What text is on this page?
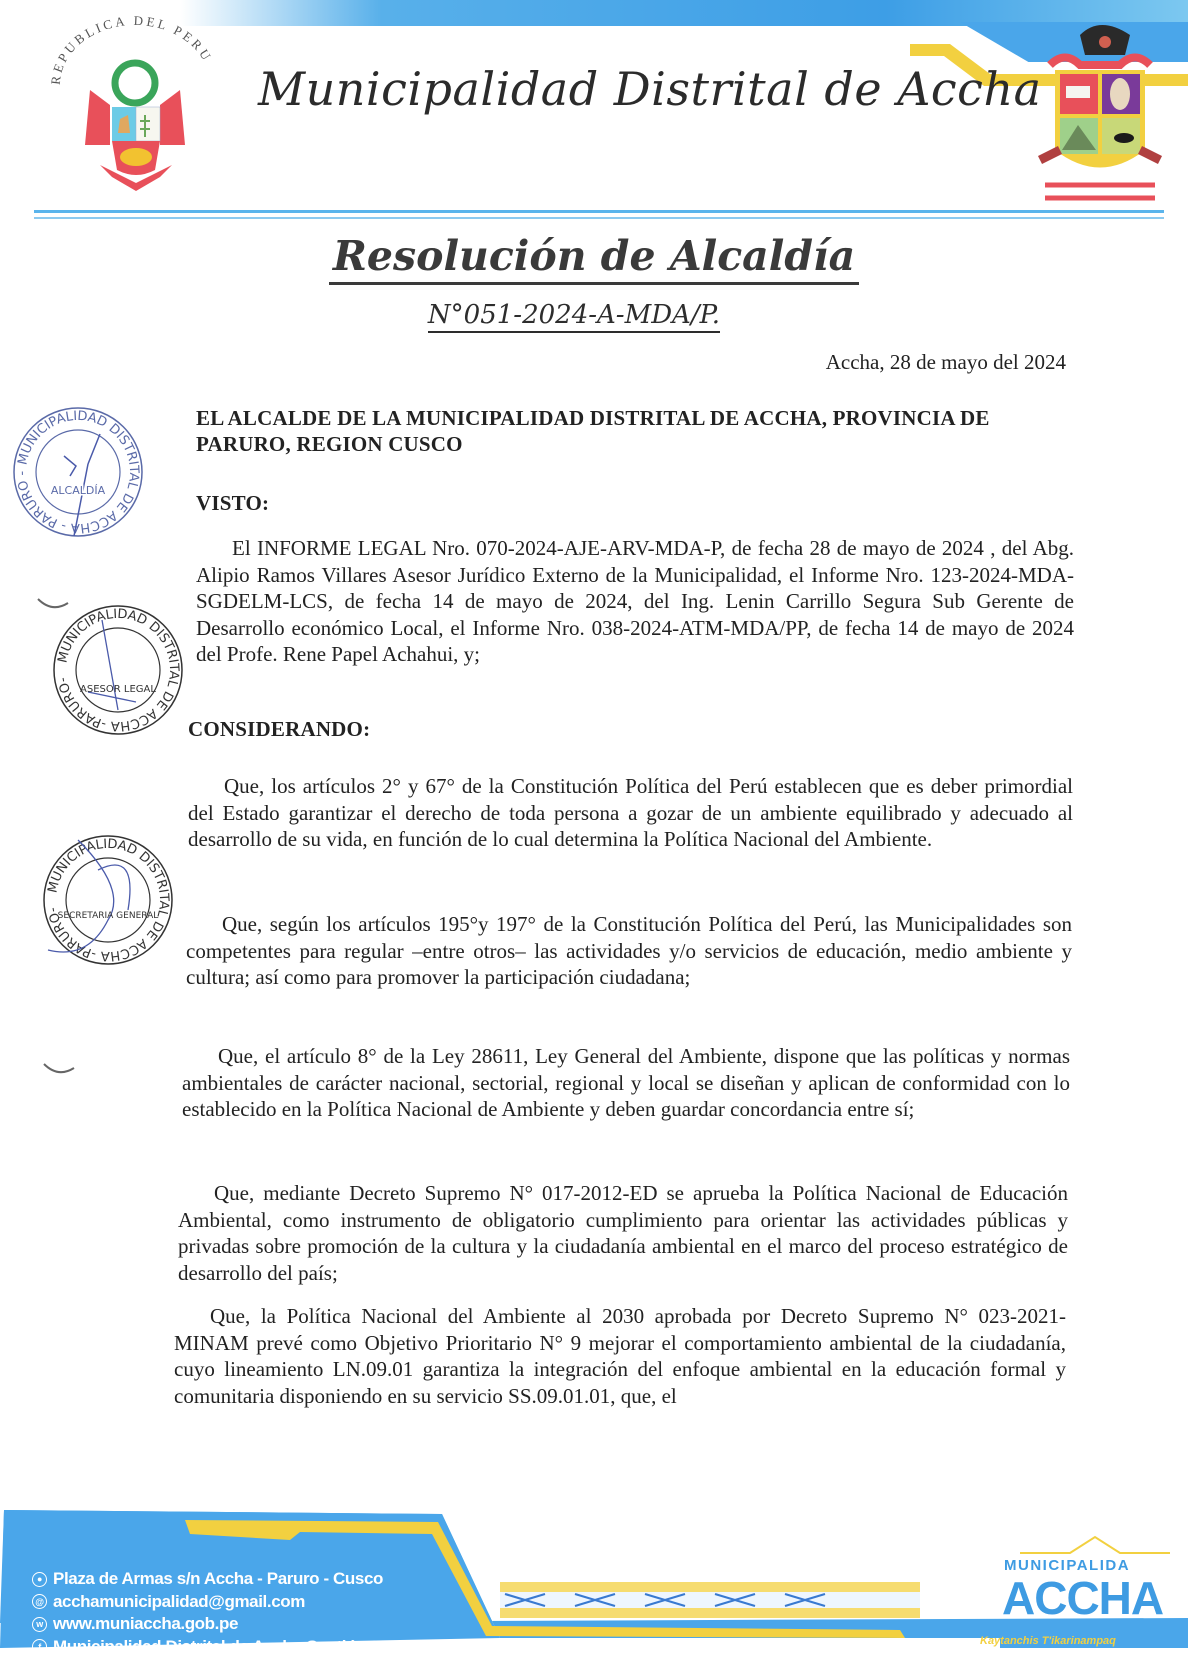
REPUBLICA DEL PERU
Municipalidad Distrital de Accha
Resolución de Alcaldía
N°051-2024-A-MDA/P.
Accha, 28 de mayo del 2024
EL ALCALDE DE LA MUNICIPALIDAD DISTRITAL DE ACCHA, PROVINCIA DE PARURO, REGION CUSCO
VISTO:
El INFORME LEGAL Nro. 070-2024-AJE-ARV-MDA-P, de fecha 28 de mayo de 2024 , del Abg. Alipio Ramos Villares Asesor Jurídico Externo de la Municipalidad, el Informe Nro. 123-2024-MDA-SGDELM-LCS, de fecha 14 de mayo de 2024, del Ing. Lenin Carrillo Segura Sub Gerente de Desarrollo económico Local, el Informe Nro. 038-2024-ATM-MDA/PP, de fecha 14 de mayo de 2024 del Profe. Rene Papel Achahui, y;
CONSIDERANDO:
Que, los artículos 2° y 67° de la Constitución Política del Perú establecen que es deber primordial del Estado garantizar el derecho de toda persona a gozar de un ambiente equilibrado y adecuado al desarrollo de su vida, en función de lo cual determina la Política Nacional del Ambiente.
Que, según los artículos 195°y 197° de la Constitución Política del Perú, las Municipalidades son competentes para regular –entre otros– las actividades y/o servicios de educación, medio ambiente y cultura; así como para promover la participación ciudadana;
Que, el artículo 8° de la Ley 28611, Ley General del Ambiente, dispone que las políticas y normas ambientales de carácter nacional, sectorial, regional y local se diseñan y aplican de conformidad con lo establecido en la Política Nacional de Ambiente y deben guardar concordancia entre sí;
Que, mediante Decreto Supremo N° 017-2012-ED se aprueba la Política Nacional de Educación Ambiental, como instrumento de obligatorio cumplimiento para orientar las actividades públicas y privadas sobre promoción de la cultura y la ciudadanía ambiental en el marco del proceso estratégico de desarrollo del país;
Que, la Política Nacional del Ambiente al 2030 aprobada por Decreto Supremo N° 023-2021-MINAM prevé como Objetivo Prioritario N° 9 mejorar el comportamiento ambiental de la ciudadanía, cuyo lineamiento LN.09.01 garantiza la integración del enfoque ambiental en la educación formal y comunitaria disponiendo en su servicio SS.09.01.01, que, el
MUNICIPALIDAD DISTRITAL DE ACCHA - PARURO -
ALCALDÍA
MUNICIPALIDAD DISTRITAL DE ACCHA -PARURO-
ASESOR LEGAL
MUNICIPALIDAD DISTRITAL DE ACCHA -PARURO-
SECRETARIA GENERAL
● Plaza de Armas s/n Accha - Paruro - Cusco
@ acchamunicipalidad@gmail.com
w www.muniaccha.gob.pe
f Municipalidad Distrital de Accha Gestión 2023-2026
MUNICIPALIDA
ACCHA
Kaytanchis T'ikarinampaq
